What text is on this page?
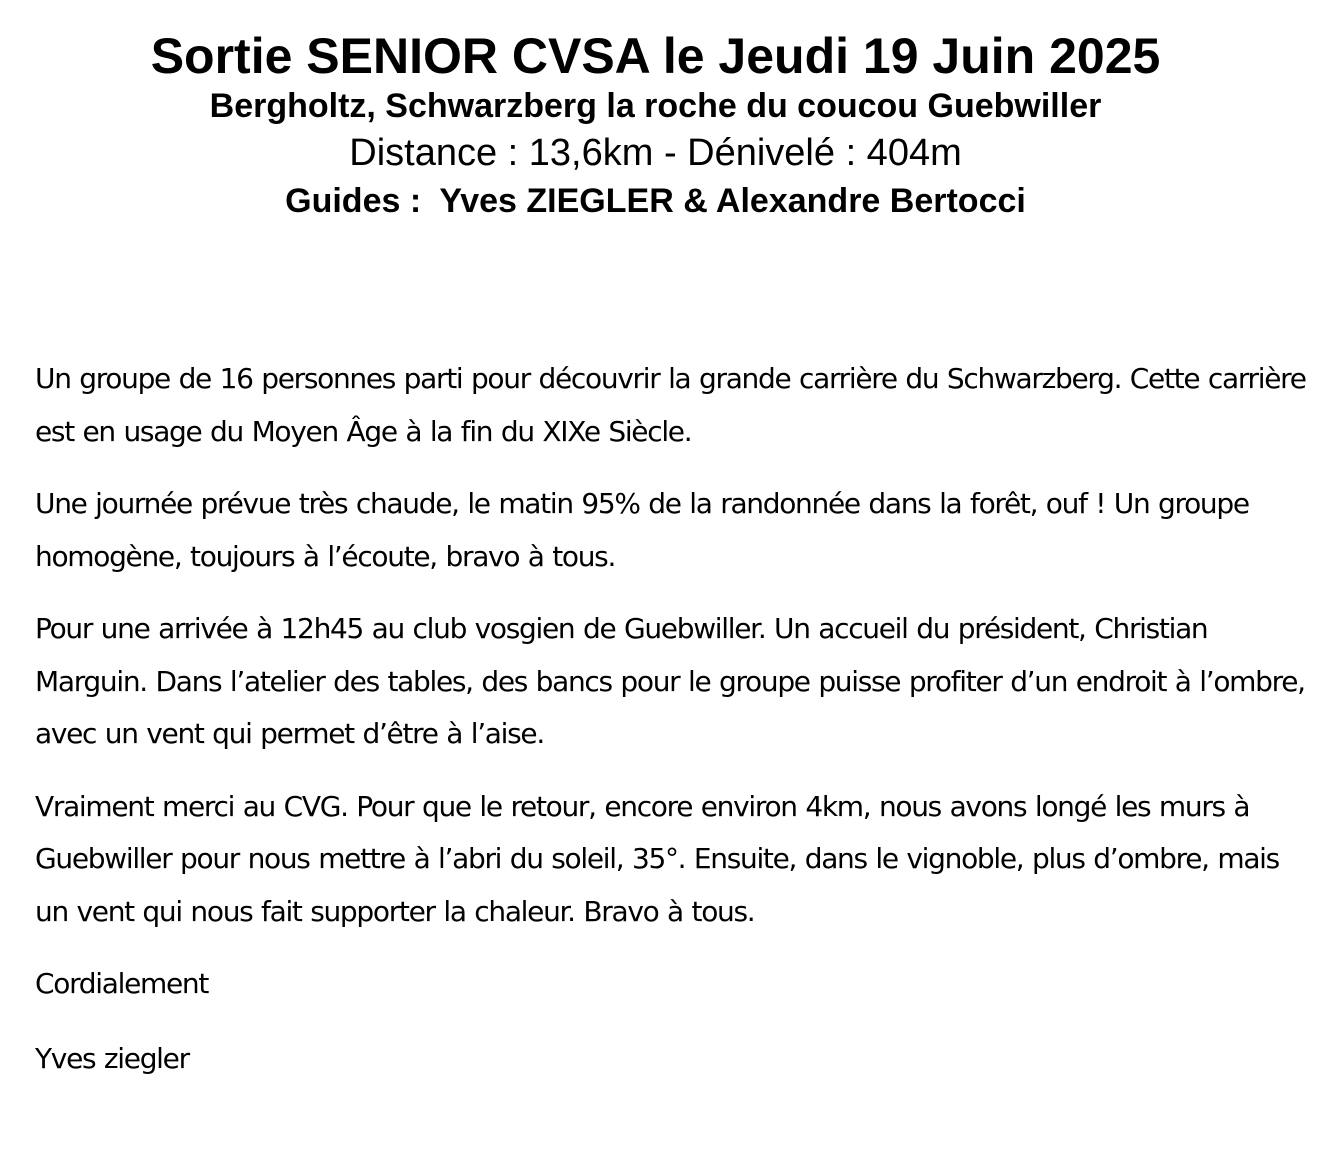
Sortie SENIOR CVSA le Jeudi 19 Juin 2025
Bergholtz, Schwarzberg la roche du coucou Guebwiller
Distance : 13,6km - Dénivelé : 404m
Guides :  Yves ZIEGLER & Alexandre Bertocci

Un groupe de 16 personnes parti pour découvrir la grande carrière du Schwarzberg. Cette carrière est en usage du Moyen Âge à la fin du XIXe Siècle.

Une journée prévue très chaude, le matin 95% de la randonnée dans la forêt, ouf ! Un groupe homogène, toujours à l’écoute, bravo à tous.

Pour une arrivée à 12h45 au club vosgien de Guebwiller. Un accueil du président, Christian Marguin. Dans l’atelier des tables, des bancs pour le groupe puisse profiter d’un endroit à l’ombre, avec un vent qui permet d’être à l’aise.

Vraiment merci au CVG. Pour que le retour, encore environ 4km, nous avons longé les murs à Guebwiller pour nous mettre à l’abri du soleil, 35°. Ensuite, dans le vignoble, plus d’ombre, mais un vent qui nous fait supporter la chaleur. Bravo à tous.

Cordialement

Yves ziegler
